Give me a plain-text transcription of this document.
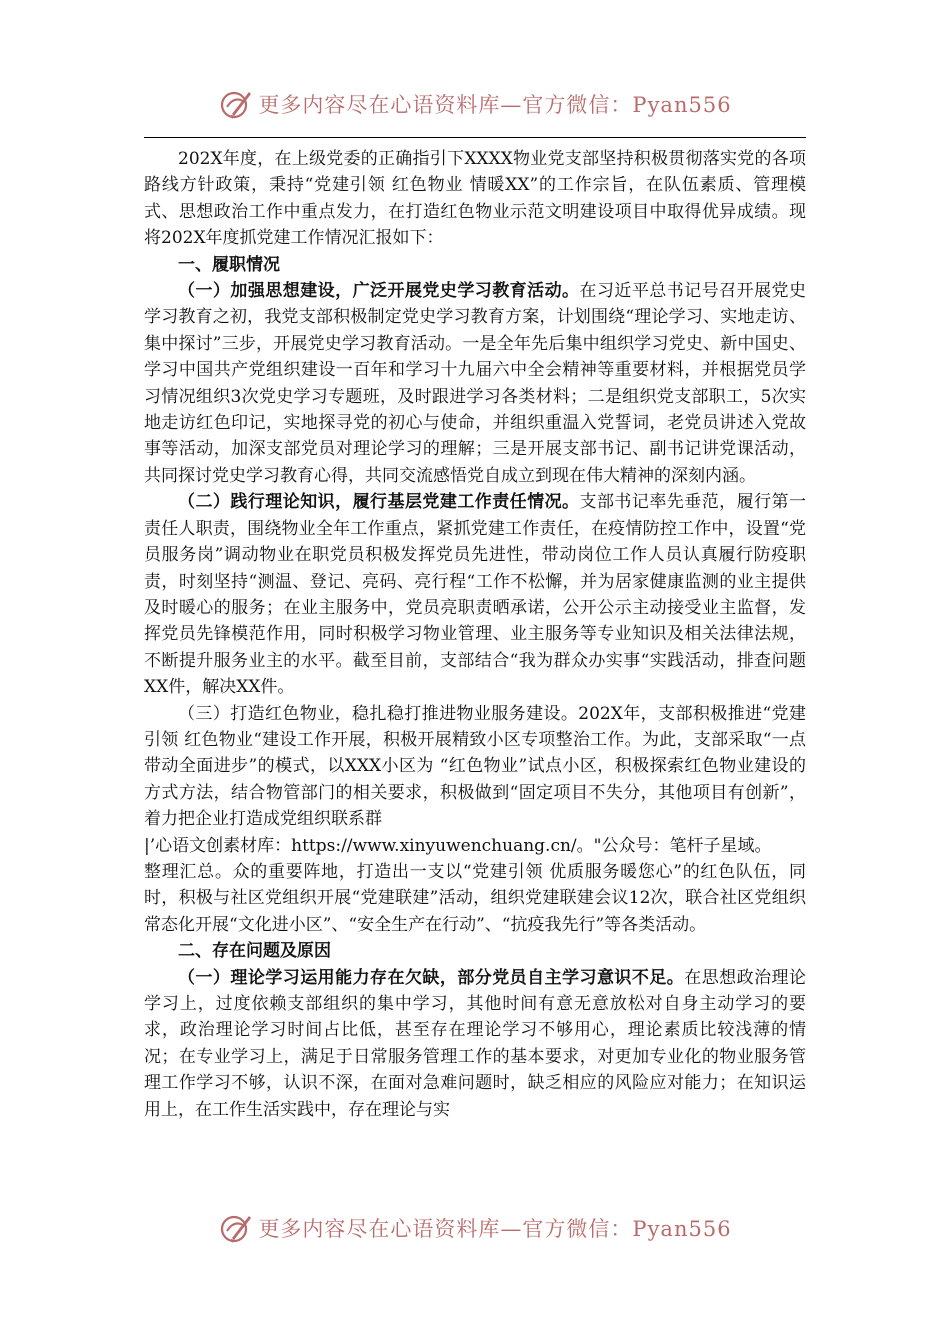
更多内容尽在心语资料库—官方微信：Pyan556

202X年度，在上级党委的正确指引下XXXX物业党支部坚持积极贯彻落实党的各项路线方针政策，秉持“党建引领 红色物业 情暖XX”的工作宗旨，在队伍素质、管理模式、思想政治工作中重点发力，在打造红色物业示范文明建设项目中取得优异成绩。现将202X年度抓党建工作情况汇报如下：

一、履职情况

（一）加强思想建设，广泛开展党史学习教育活动。在习近平总书记号召开展党史学习教育之初，我党支部积极制定党史学习教育方案，计划围绕“理论学习、实地走访、集中探讨”三步，开展党史学习教育活动。一是全年先后集中组织学习党史、新中国史、学习中国共产党组织建设一百年和学习十九届六中全会精神等重要材料，并根据党员学习情况组织3次党史学习专题班，及时跟进学习各类材料；二是组织党支部职工，5次实地走访红色印记，实地探寻党的初心与使命，并组织重温入党誓词，老党员讲述入党故事等活动，加深支部党员对理论学习的理解；三是开展支部书记、副书记讲党课活动，共同探讨党史学习教育心得，共同交流感悟党自成立到现在伟大精神的深刻内涵。

（二）践行理论知识，履行基层党建工作责任情况。支部书记率先垂范，履行第一责任人职责，围绕物业全年工作重点，紧抓党建工作责任，在疫情防控工作中，设置“党员服务岗”调动物业在职党员积极发挥党员先进性，带动岗位工作人员认真履行防疫职责，时刻坚持“测温、登记、亮码、亮行程“工作不松懈，并为居家健康监测的业主提供及时暖心的服务；在业主服务中，党员亮职责晒承诺，公开公示主动接受业主监督，发挥党员先锋模范作用，同时积极学习物业管理、业主服务等专业知识及相关法律法规，不断提升服务业主的水平。截至目前，支部结合“我为群众办实事“实践活动，排查问题XX件，解决XX件。

（三）打造红色物业，稳扎稳打推进物业服务建设。202X年，支部积极推进“党建引领 红色物业“建设工作开展，积极开展精致小区专项整治工作。为此，支部采取“一点带动全面进步”的模式，以XXX小区为 “红色物业”试点小区，积极探索红色物业建设的方式方法，结合物管部门的相关要求，积极做到“固定项目不失分，其他项目有创新”，着力把企业打造成党组织联系群

|’心语文创素材库：https://www.xinyuwenchuang.cn/。"公众号：笔杆子星域。

整理汇总。众的重要阵地，打造出一支以“党建引领 优质服务暖您心”的红色队伍，同时，积极与社区党组织开展“党建联建”活动，组织党建联建会议12次，联合社区党组织常态化开展“文化进小区”、“安全生产在行动”、“抗疫我先行”等各类活动。

二、存在问题及原因

（一）理论学习运用能力存在欠缺，部分党员自主学习意识不足。在思想政治理论学习上，过度依赖支部组织的集中学习，其他时间有意无意放松对自身主动学习的要求，政治理论学习时间占比低，甚至存在理论学习不够用心，理论素质比较浅薄的情况；在专业学习上，满足于日常服务管理工作的基本要求，对更加专业化的物业服务管理工作学习不够，认识不深，在面对急难问题时，缺乏相应的风险应对能力；在知识运用上，在工作生活实践中，存在理论与实

更多内容尽在心语资料库—官方微信：Pyan556
